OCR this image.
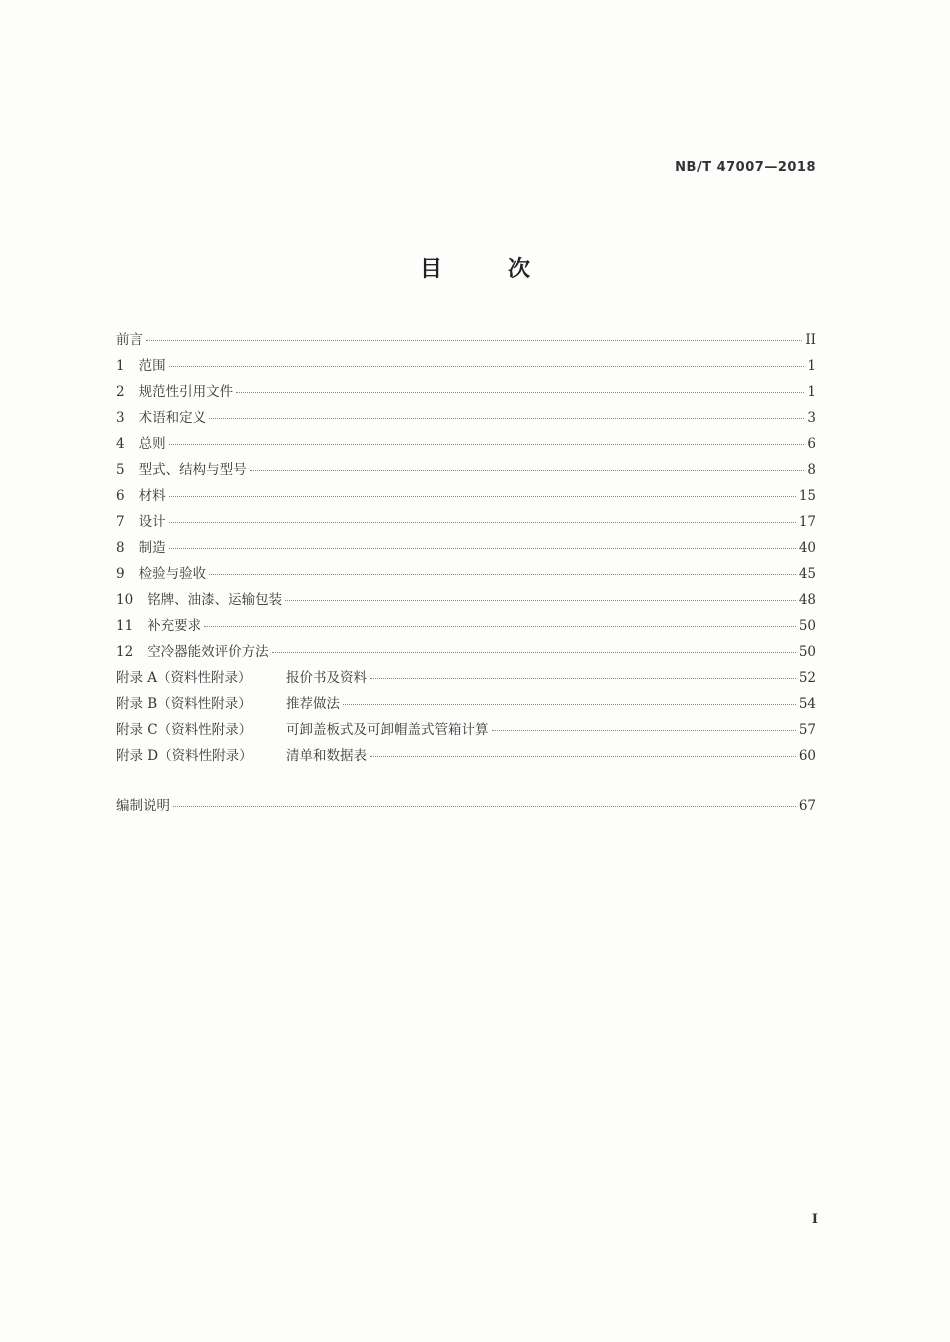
NB/T 47007—2018
目	次
前言	II
1 范围	1
2 规范性引用文件	1
3 术语和定义	3
4 总则	6
5 型式、结构与型号	8
6 材料	15
7 设计	17
8 制造	40
9 检验与验收	45
10 铭牌、油漆、运输包装	48
11 补充要求	50
12 空冷器能效评价方法	50
附录 A（资料性附录）	报价书及资料	52
附录 B（资料性附录）	推荐做法	54
附录 C（资料性附录）	可卸盖板式及可卸帽盖式管箱计算	57
附录 D（资料性附录） 清单和数据表	60
编制说明	67
I
